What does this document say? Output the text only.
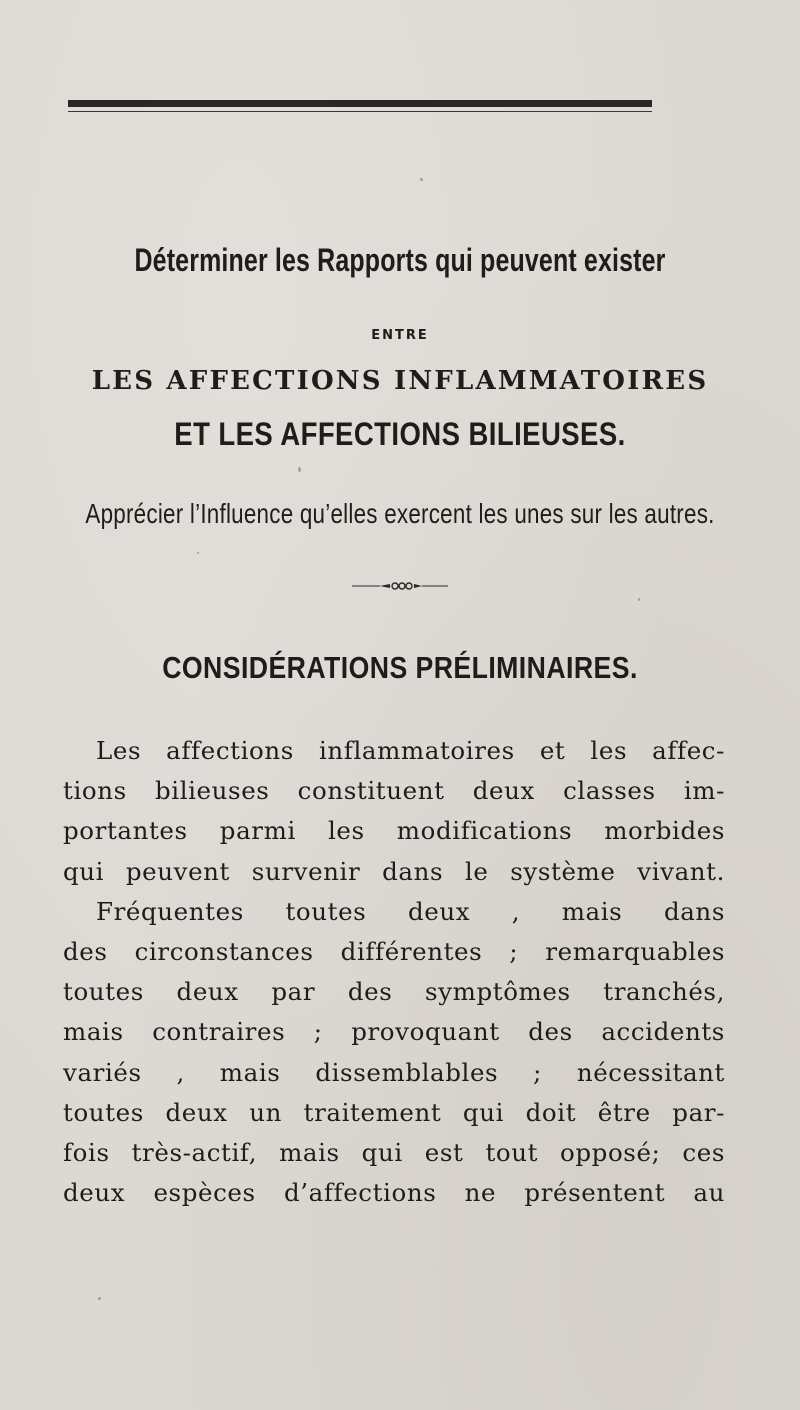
Déterminer les Rapports qui peuvent exister
ENTRE
LES AFFECTIONS INFLAMMATOIRES
ET LES AFFECTIONS BILIEUSES.
Apprécier l’Influence qu’elles exercent les unes sur les autres.
CONSIDÉRATIONS PRÉLIMINAIRES.
Les affections inflammatoires et les affec-
tions bilieuses constituent deux classes im-
portantes parmi les modifications morbides
qui peuvent survenir dans le système vivant.
Fréquentes toutes deux , mais dans
des circonstances différentes ; remarquables
toutes deux par des symptômes tranchés,
mais contraires ; provoquant des accidents
variés , mais dissemblables ; nécessitant
toutes deux un traitement qui doit être par-
fois très-actif, mais qui est tout opposé; ces
deux espèces d’affections ne présentent au
